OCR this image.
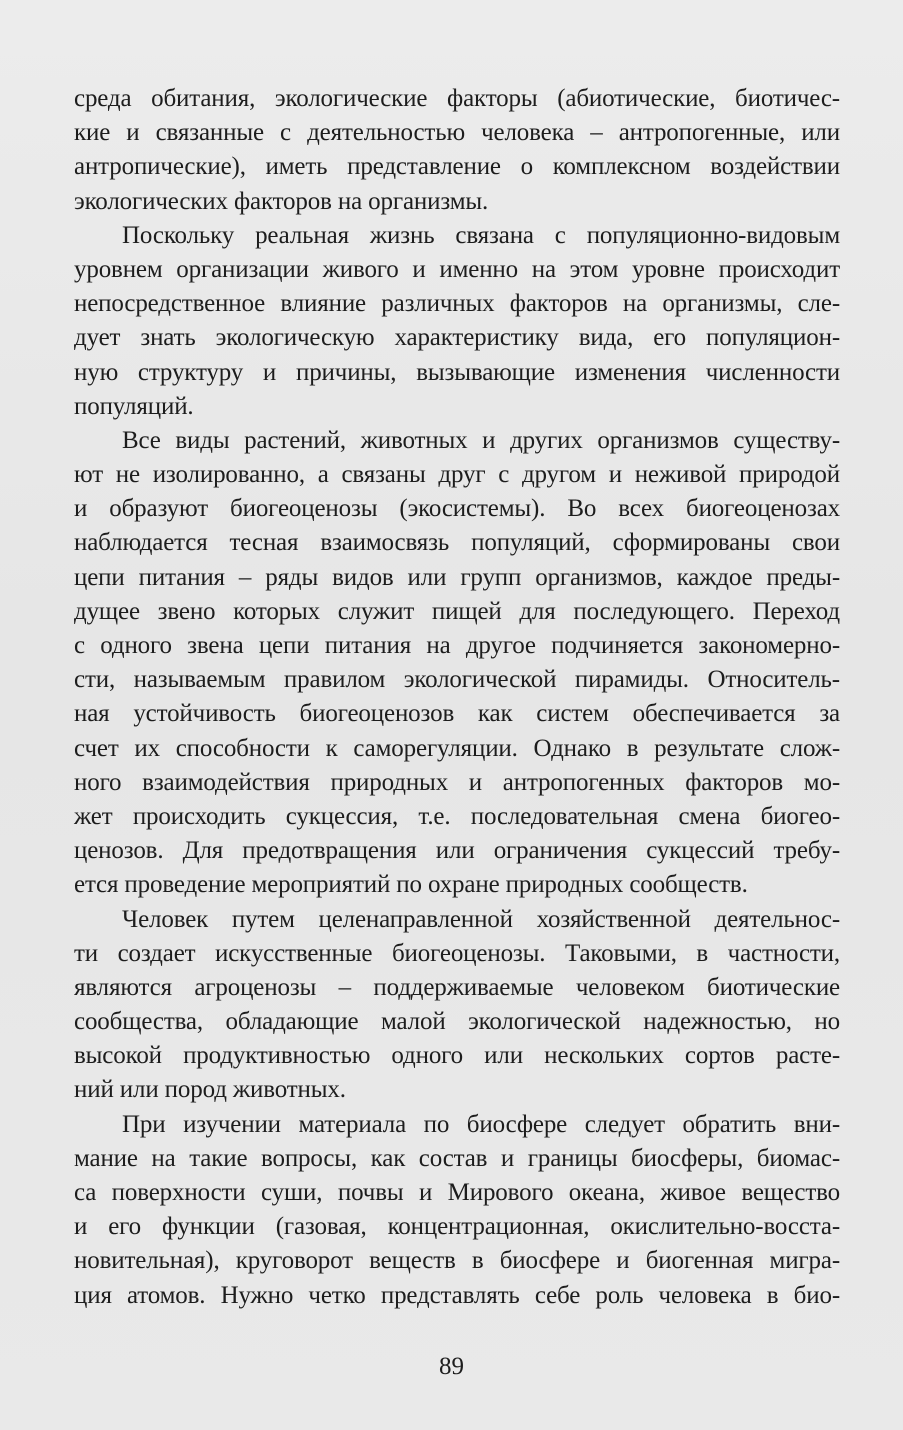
среда обитания, экологические факторы (абиотические, биотичес-
кие и связанные с деятельностью человека – антропогенные, или
антропические), иметь представление о комплексном воздействии
экологических факторов на организмы.
Поскольку реальная жизнь связана с популяционно-видовым
уровнем организации живого и именно на этом уровне происходит
непосредственное влияние различных факторов на организмы, сле-
дует знать экологическую характеристику вида, его популяцион-
ную структуру и причины, вызывающие изменения численности
популяций.
Все виды растений, животных и других организмов существу-
ют не изолированно, а связаны друг с другом и неживой природой
и образуют биогеоценозы (экосистемы). Во всех биогеоценозах
наблюдается тесная взаимосвязь популяций, сформированы свои
цепи питания – ряды видов или групп организмов, каждое преды-
дущее звено которых служит пищей для последующего. Переход
с одного звена цепи питания на другое подчиняется закономерно-
сти, называемым правилом экологической пирамиды. Относитель-
ная устойчивость биогеоценозов как систем обеспечивается за
счет их способности к саморегуляции. Однако в результате слож-
ного взаимодействия природных и антропогенных факторов мо-
жет происходить сукцессия, т.е. последовательная смена биогео-
ценозов. Для предотвращения или ограничения сукцессий требу-
ется проведение мероприятий по охране природных сообществ.
Человек путем целенаправленной хозяйственной деятельнос-
ти создает искусственные биогеоценозы. Таковыми, в частности,
являются агроценозы – поддерживаемые человеком биотические
сообщества, обладающие малой экологической надежностью, но
высокой продуктивностью одного или нескольких сортов расте-
ний или пород животных.
При изучении материала по биосфере следует обратить вни-
мание на такие вопросы, как состав и границы биосферы, биомас-
са поверхности суши, почвы и Мирового океана, живое вещество
и его функции (газовая, концентрационная, окислительно-восста-
новительная), круговорот веществ в биосфере и биогенная мигра-
ция атомов. Нужно четко представлять себе роль человека в био-
89
